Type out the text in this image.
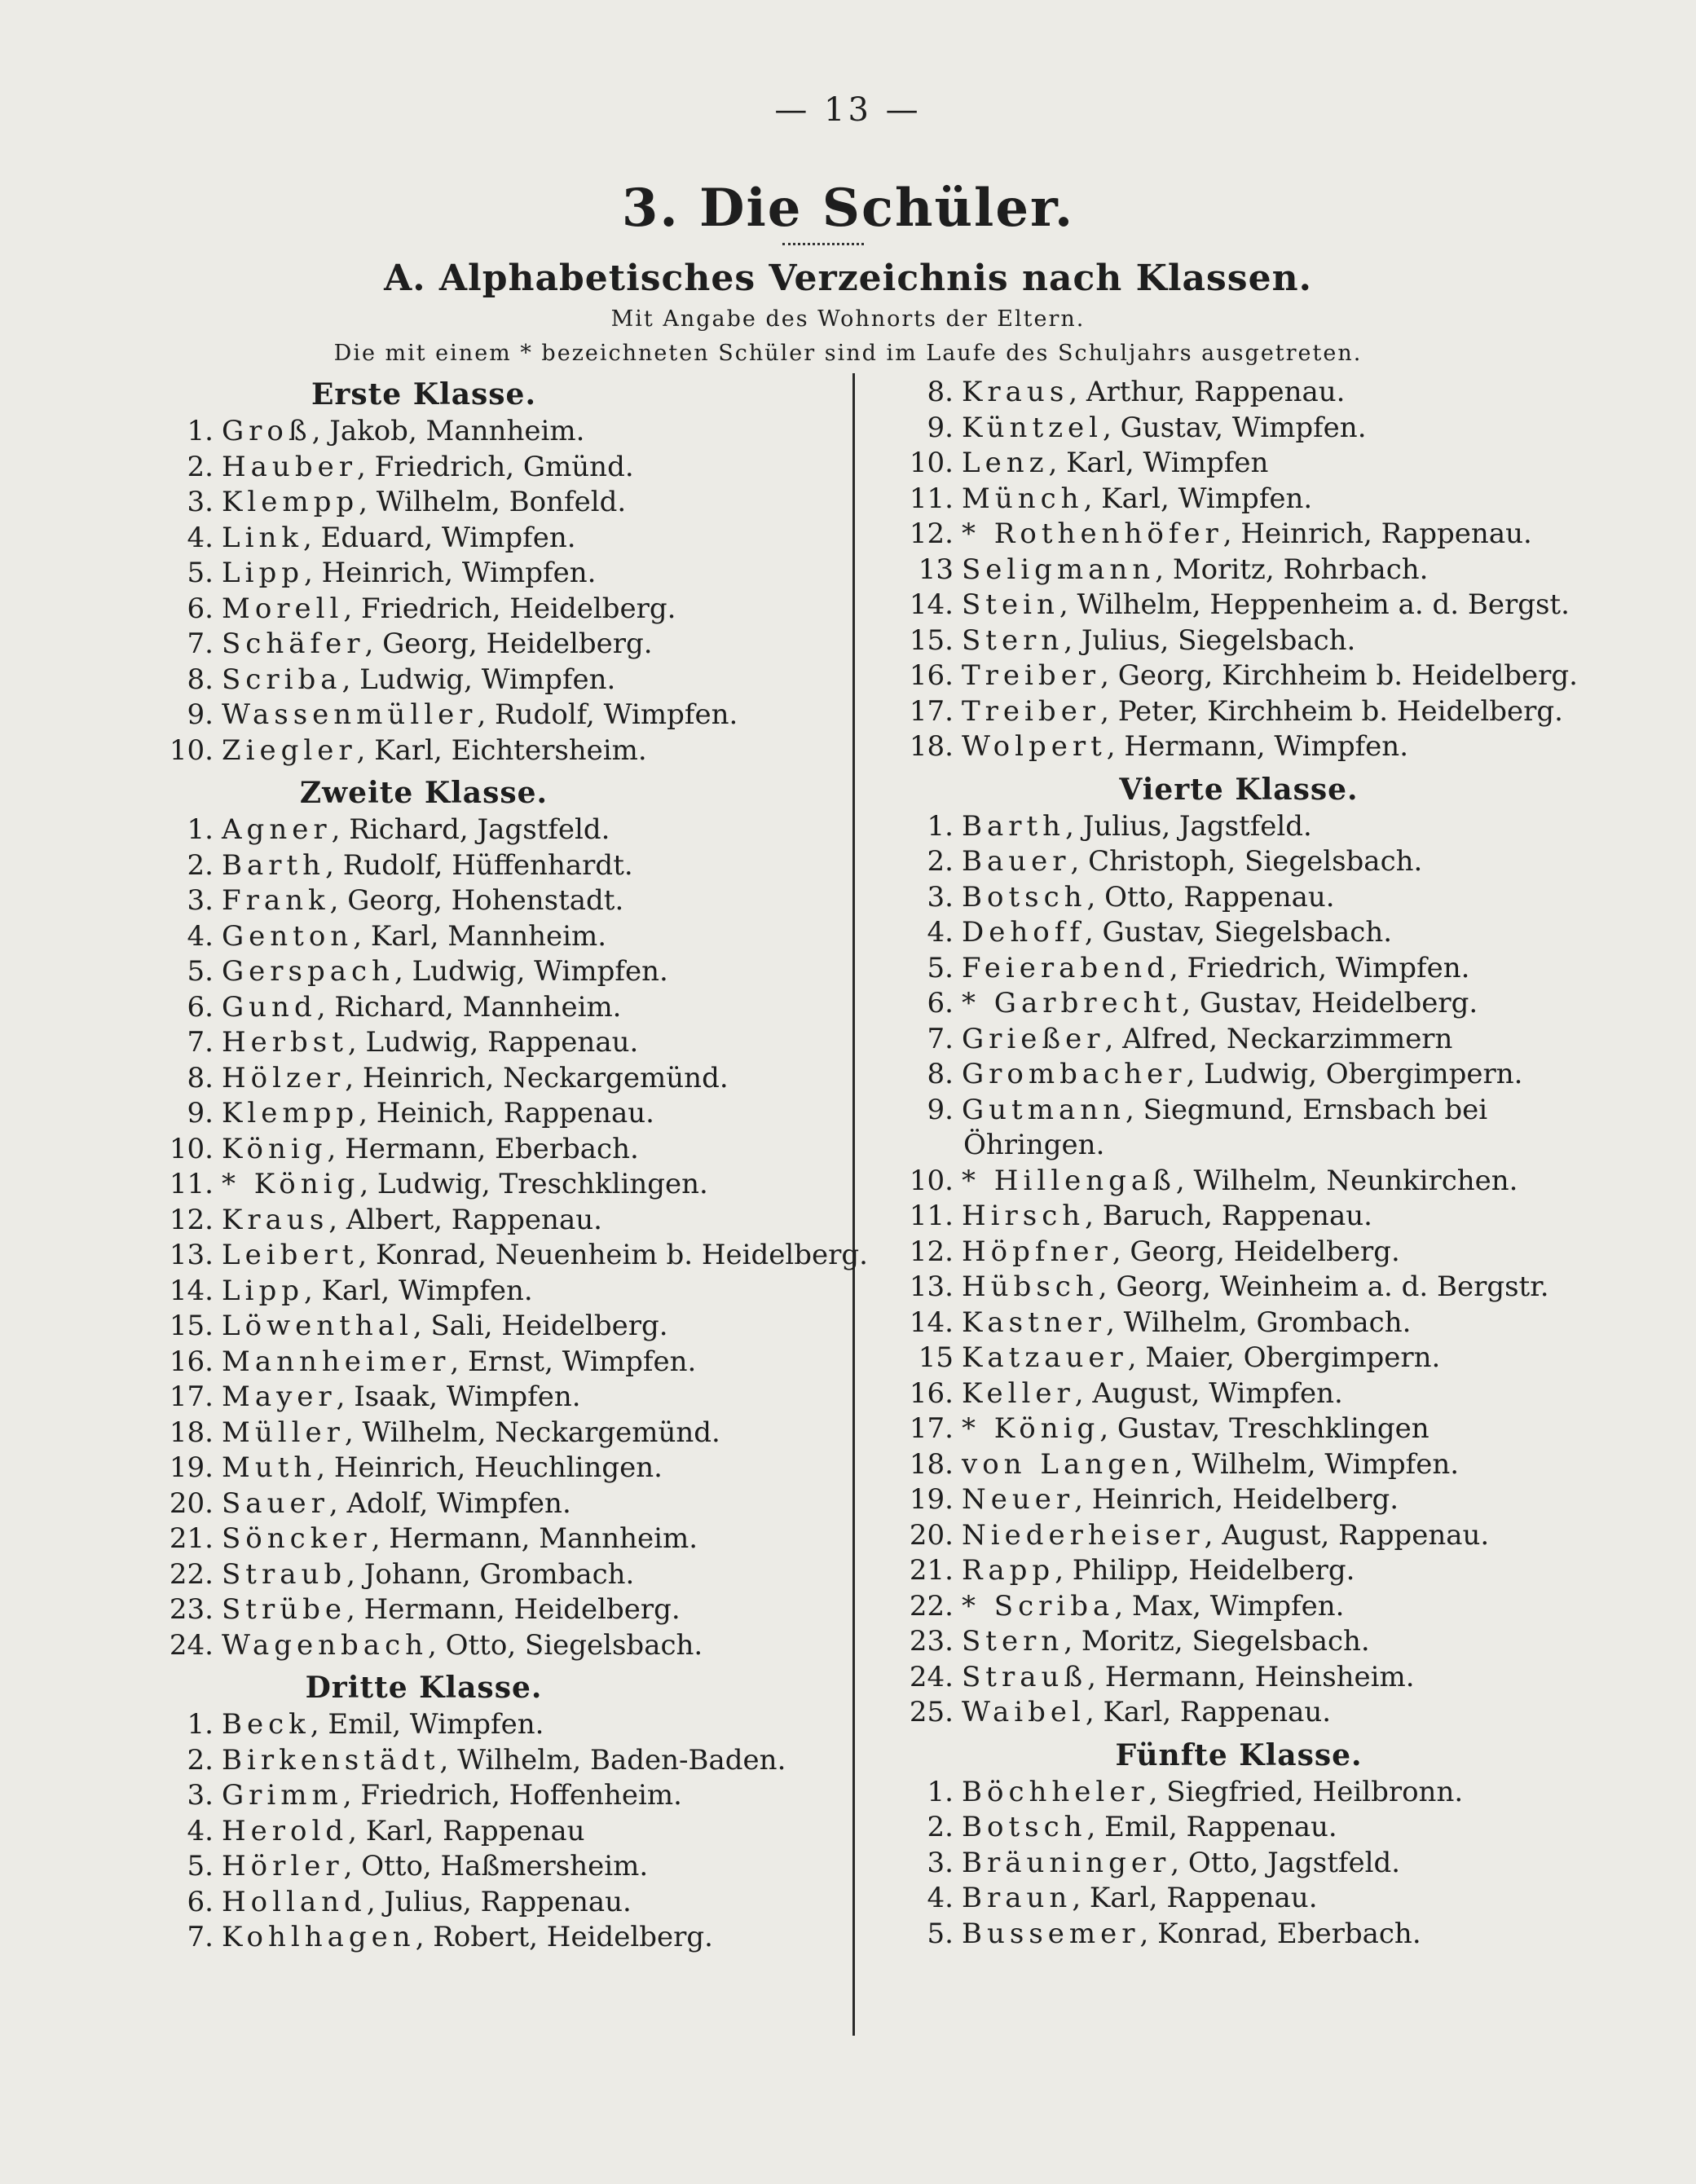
— 13 —
3. Die Schüler.
A. Alphabetisches Verzeichnis nach Klassen.
Mit Angabe des Wohnorts der Eltern.
Die mit einem * bezeichneten Schüler sind im Laufe des Schuljahrs ausgetreten.
Erste Klasse.
1. Groß, Jakob, Mannheim.
2. Hauber, Friedrich, Gmünd.
3. Klempp, Wilhelm, Bonfeld.
4. Link, Eduard, Wimpfen.
5. Lipp, Heinrich, Wimpfen.
6. Morell, Friedrich, Heidelberg.
7. Schäfer, Georg, Heidelberg.
8. Scriba, Ludwig, Wimpfen.
9. Wassenmüller, Rudolf, Wimpfen.
10. Ziegler, Karl, Eichtersheim.
Zweite Klasse.
1. Agner, Richard, Jagstfeld.
2. Barth, Rudolf, Hüffenhardt.
3. Frank, Georg, Hohenstadt.
4. Genton, Karl, Mannheim.
5. Gerspach, Ludwig, Wimpfen.
6. Gund, Richard, Mannheim.
7. Herbst, Ludwig, Rappenau.
8. Hölzer, Heinrich, Neckargemünd.
9. Klempp, Heinich, Rappenau.
10. König, Hermann, Eberbach.
11. * König, Ludwig, Treschklingen.
12. Kraus, Albert, Rappenau.
13. Leibert, Konrad, Neuenheim b. Heidelberg.
14. Lipp, Karl, Wimpfen.
15. Löwenthal, Sali, Heidelberg.
16. Mannheimer, Ernst, Wimpfen.
17. Mayer, Isaak, Wimpfen.
18. Müller, Wilhelm, Neckargemünd.
19. Muth, Heinrich, Heuchlingen.
20. Sauer, Adolf, Wimpfen.
21. Söncker, Hermann, Mannheim.
22. Straub, Johann, Grombach.
23. Strübe, Hermann, Heidelberg.
24. Wagenbach, Otto, Siegelsbach.
Dritte Klasse.
1. Beck, Emil, Wimpfen.
2. Birkenstädt, Wilhelm, Baden-Baden.
3. Grimm, Friedrich, Hoffenheim.
4. Herold, Karl, Rappenau
5. Hörler, Otto, Haßmersheim.
6. Holland, Julius, Rappenau.
7. Kohlhagen, Robert, Heidelberg.
8. Kraus, Arthur, Rappenau.
9. Küntzel, Gustav, Wimpfen.
10. Lenz, Karl, Wimpfen
11. Münch, Karl, Wimpfen.
12. * Rothenhöfer, Heinrich, Rappenau.
13 Seligmann, Moritz, Rohrbach.
14. Stein, Wilhelm, Heppenheim a. d. Bergst.
15. Stern, Julius, Siegelsbach.
16. Treiber, Georg, Kirchheim b. Heidelberg.
17. Treiber, Peter, Kirchheim b. Heidelberg.
18. Wolpert, Hermann, Wimpfen.
Vierte Klasse.
1. Barth, Julius, Jagstfeld.
2. Bauer, Christoph, Siegelsbach.
3. Botsch, Otto, Rappenau.
4. Dehoff, Gustav, Siegelsbach.
5. Feierabend, Friedrich, Wimpfen.
6. * Garbrecht, Gustav, Heidelberg.
7. Grießer, Alfred, Neckarzimmern
8. Grombacher, Ludwig, Obergimpern.
9. Gutmann, Siegmund, Ernsbach bei
Öhringen.
10. * Hillengaß, Wilhelm, Neunkirchen.
11. Hirsch, Baruch, Rappenau.
12. Höpfner, Georg, Heidelberg.
13. Hübsch, Georg, Weinheim a. d. Bergstr.
14. Kastner, Wilhelm, Grombach.
15 Katzauer, Maier, Obergimpern.
16. Keller, August, Wimpfen.
17. * König, Gustav, Treschklingen
18. von Langen, Wilhelm, Wimpfen.
19. Neuer, Heinrich, Heidelberg.
20. Niederheiser, August, Rappenau.
21. Rapp, Philipp, Heidelberg.
22. * Scriba, Max, Wimpfen.
23. Stern, Moritz, Siegelsbach.
24. Strauß, Hermann, Heinsheim.
25. Waibel, Karl, Rappenau.
Fünfte Klasse.
1. Böchheler, Siegfried, Heilbronn.
2. Botsch, Emil, Rappenau.
3. Bräuninger, Otto, Jagstfeld.
4. Braun, Karl, Rappenau.
5. Bussemer, Konrad, Eberbach.
